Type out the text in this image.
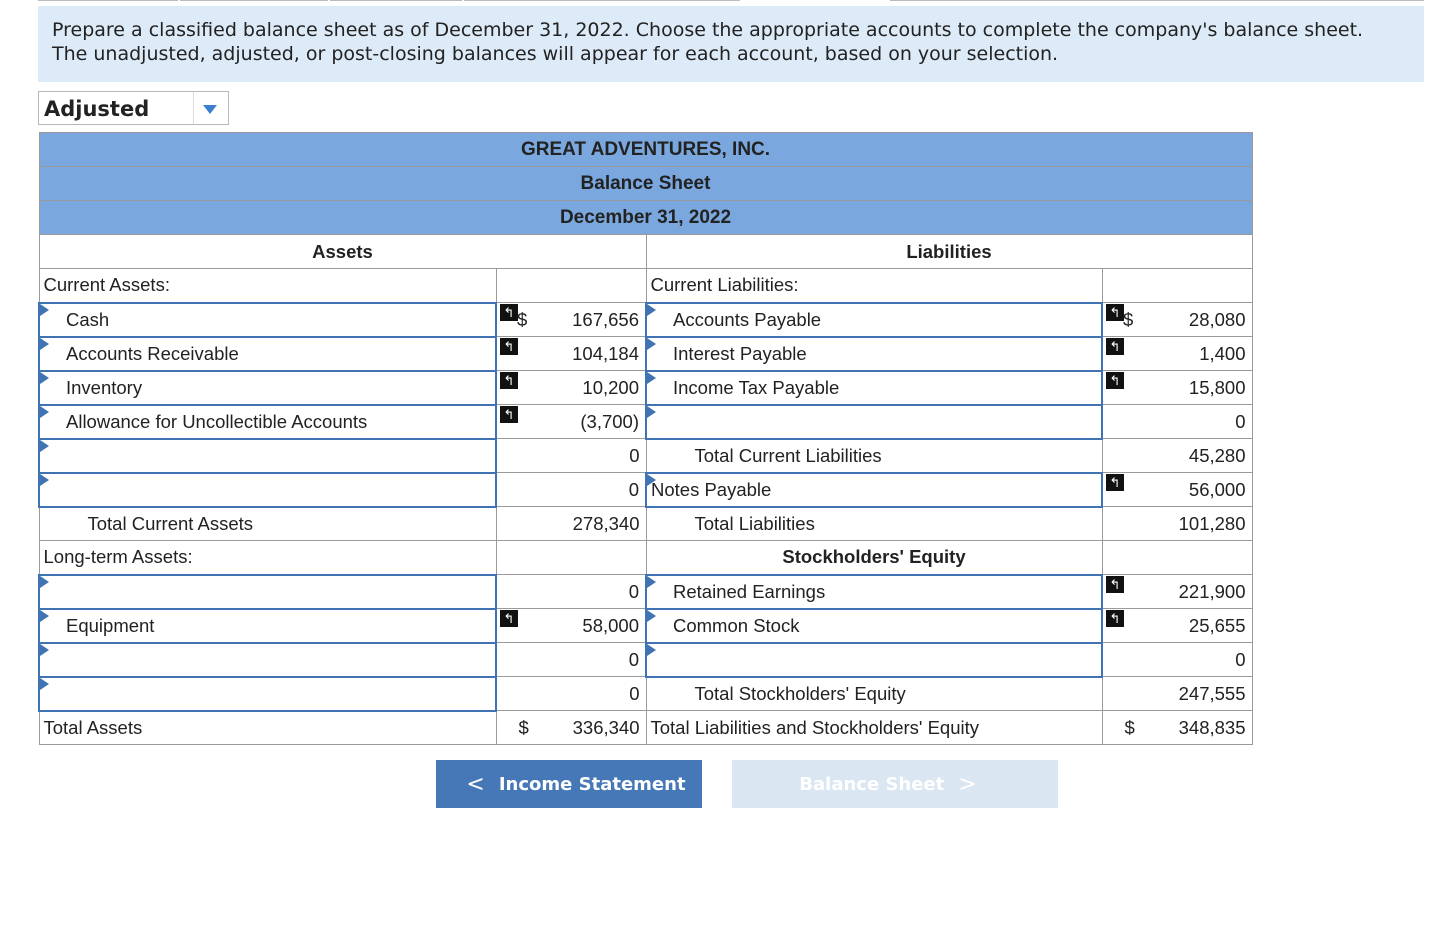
Prepare a classified balance sheet as of December 31, 2022. Choose the appropriate accounts to complete the company's balance sheet.

The unadjusted, adjusted, or post-closing balances will appear for each account, based on your selection.

Adjusted
GREAT ADVENTURES, INC.			
Balance Sheet			
December 31, 2022			
Assets		Liabilities	
Current Assets:		Current Liabilities:	

Cash	↰ $ 167,656	Accounts Payable	↰ $ 28,080

Accounts Receivable	↰ 104,184	Interest Payable	↰ 1,400

Inventory	↰ 10,200	Income Tax Payable	↰ 15,800

Allowance for Uncollectible Accounts	↰ (3,700)		0

	0	Total Current Liabilities	45,280

	0	Notes Payable	↰ 56,000
Total Current Assets	278,340	Total Liabilities	101,280
Long-term Assets:		Stockholders' Equity	

	0	Retained Earnings	↰ 221,900

Equipment	↰ 58,000	Common Stock	↰ 25,655

	0		0

	0	Total Stockholders' Equity	247,555
Total Assets	$ 336,340	Total Liabilities and Stockholders' Equity	$ 348,835
< Income Statement	Balance Sheet >
